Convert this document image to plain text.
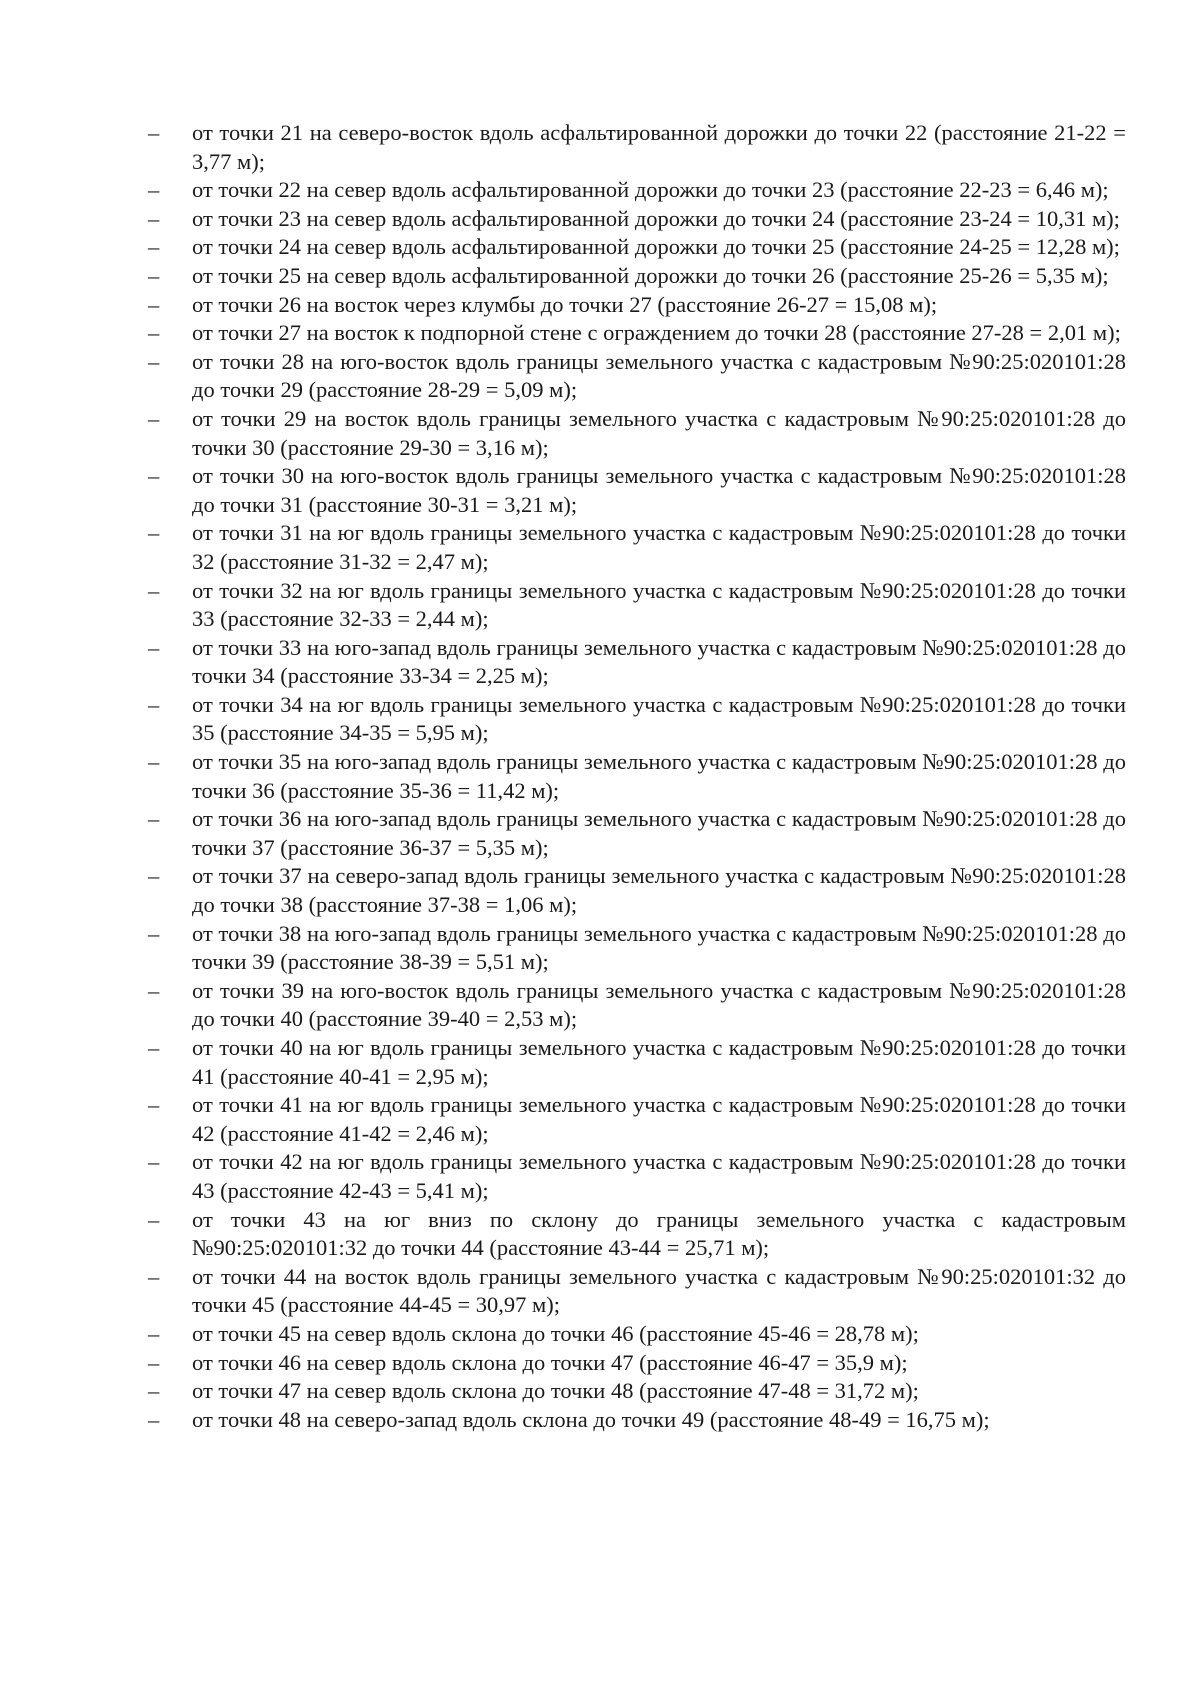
–	от точки 21 на северо-восток вдоль асфальтированной дорожки до точки 22 (расстояние 21-22 = 3,77 м);
–	от точки 22 на север вдоль асфальтированной дорожки до точки 23 (расстояние 22-23 = 6,46 м);
–	от точки 23 на север вдоль асфальтированной дорожки до точки 24 (расстояние 23-24 = 10,31 м);
–	от точки 24 на север вдоль асфальтированной дорожки до точки 25 (расстояние 24-25 = 12,28 м);
–	от точки 25 на север вдоль асфальтированной дорожки до точки 26 (расстояние 25-26 = 5,35 м);
–	от точки 26 на восток через клумбы до точки 27 (расстояние 26-27 = 15,08 м);
–	от точки 27 на восток к подпорной стене с ограждением до точки 28 (расстояние 27-28 = 2,01 м);
–	от точки 28 на юго-восток вдоль границы земельного участка с кадастровым №90:25:020101:28 до точки 29 (расстояние 28-29 = 5,09 м);
–	от точки 29 на восток вдоль границы земельного участка с кадастровым №90:25:020101:28 до точки 30 (расстояние 29-30 = 3,16 м);
–	от точки 30 на юго-восток вдоль границы земельного участка с кадастровым №90:25:020101:28 до точки 31 (расстояние 30-31 = 3,21 м);
–	от точки 31 на юг вдоль границы земельного участка с кадастровым №90:25:020101:28 до точки 32 (расстояние 31-32 = 2,47 м);
–	от точки 32 на юг вдоль границы земельного участка с кадастровым №90:25:020101:28 до точки 33 (расстояние 32-33 = 2,44 м);
–	от точки 33 на юго-запад вдоль границы земельного участка с кадастровым №90:25:020101:28 до точки 34 (расстояние 33-34 = 2,25 м);
–	от точки 34 на юг вдоль границы земельного участка с кадастровым №90:25:020101:28 до точки 35 (расстояние 34-35 = 5,95 м);
–	от точки 35 на юго-запад вдоль границы земельного участка с кадастровым №90:25:020101:28 до точки 36 (расстояние 35-36 = 11,42 м);
–	от точки 36 на юго-запад вдоль границы земельного участка с кадастровым №90:25:020101:28 до точки 37 (расстояние 36-37 = 5,35 м);
–	от точки 37 на северо-запад вдоль границы земельного участка с кадастровым №90:25:020101:28 до точки 38 (расстояние 37-38 = 1,06 м);
–	от точки 38 на юго-запад вдоль границы земельного участка с кадастровым №90:25:020101:28 до точки 39 (расстояние 38-39 = 5,51 м);
–	от точки 39 на юго-восток вдоль границы земельного участка с кадастровым №90:25:020101:28 до точки 40 (расстояние 39-40 = 2,53 м);
–	от точки 40 на юг вдоль границы земельного участка с кадастровым №90:25:020101:28 до точки 41 (расстояние 40-41 = 2,95 м);
–	от точки 41 на юг вдоль границы земельного участка с кадастровым №90:25:020101:28 до точки 42 (расстояние 41-42 = 2,46 м);
–	от точки 42 на юг вдоль границы земельного участка с кадастровым №90:25:020101:28 до точки 43 (расстояние 42-43 = 5,41 м);
–	от точки 43 на юг вниз по склону до границы земельного участка с кадастровым №90:25:020101:32 до точки 44 (расстояние 43-44 = 25,71 м);
–	от точки 44 на восток вдоль границы земельного участка с кадастровым №90:25:020101:32 до точки 45 (расстояние 44-45 = 30,97 м);
–	от точки 45 на север вдоль склона до точки 46 (расстояние 45-46 = 28,78 м);
–	от точки 46 на север вдоль склона до точки 47 (расстояние 46-47 = 35,9 м);
–	от точки 47 на север вдоль склона до точки 48 (расстояние 47-48 = 31,72 м);
–	от точки 48 на северо-запад вдоль склона до точки 49 (расстояние 48-49 = 16,75 м);
